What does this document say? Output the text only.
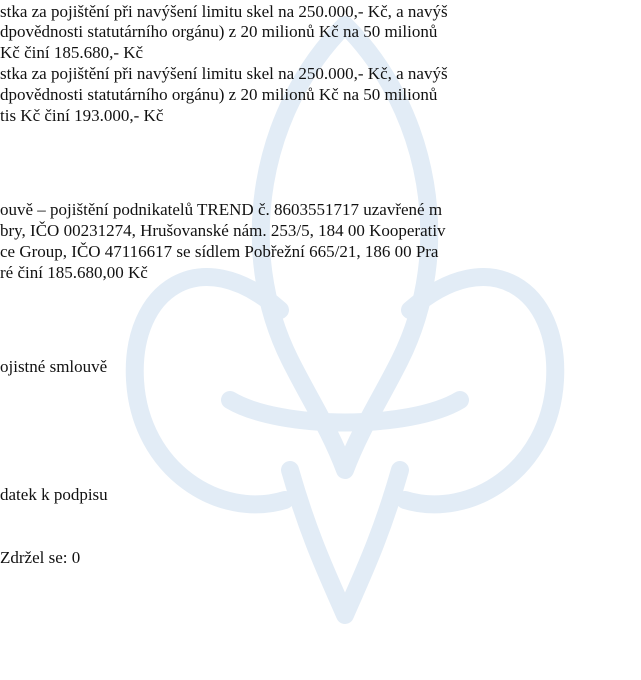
stka za pojištění při navýšení limitu skel na 250.000,- Kč, a navýš
dpovědnosti statutárního orgánu) z 20 milionů Kč na 50 milionů
Kč činí 185.680,- Kč
stka za pojištění při navýšení limitu skel na 250.000,- Kč, a navýš
dpovědnosti statutárního orgánu) z 20 milionů Kč na 50 milionů
tis Kč činí 193.000,- Kč
ouvě – pojištění podnikatelů TREND č. 8603551717 uzavřené m
bry, IČO 00231274, Hrušovanské nám. 253/5, 184 00 Kooperativ
ce Group, IČO 47116617 se sídlem Pobřežní 665/21, 186 00 Pra
ré činí 185.680,00 Kč
ojistné smlouvě
datek k podpisu
Zdržel se: 0
